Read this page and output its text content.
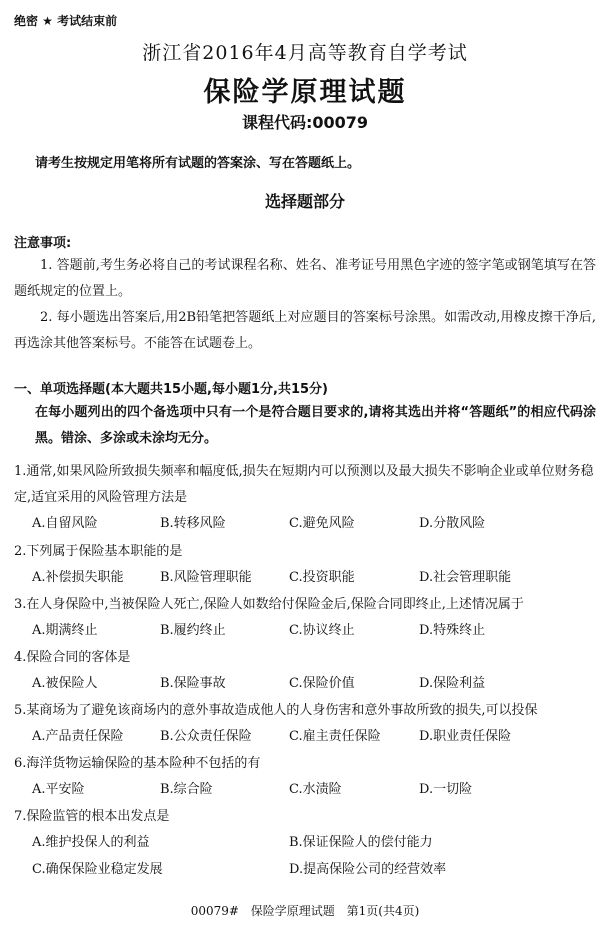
绝密 ★ 考试结束前
浙江省2016年4月高等教育自学考试
保险学原理试题
课程代码:00079
请考生按规定用笔将所有试题的答案涂、写在答题纸上。
选择题部分
注意事项:
1. 答题前,考生务必将自己的考试课程名称、姓名、准考证号用黑色字迹的签字笔或钢笔填写在答题纸规定的位置上。
2. 每小题选出答案后,用2B铅笔把答题纸上对应题目的答案标号涂黑。如需改动,用橡皮擦干净后,再选涂其他答案标号。不能答在试题卷上。
一、单项选择题(本大题共15小题,每小题1分,共15分)
在每小题列出的四个备选项中只有一个是符合题目要求的,请将其选出并将“答题纸”的相应代码涂黑。错涂、多涂或未涂均无分。
1.通常,如果风险所致损失频率和幅度低,损失在短期内可以预测以及最大损失不影响企业或单位财务稳定,适宜采用的风险管理方法是
A.自留风险	B.转移风险	C.避免风险	D.分散风险
2.下列属于保险基本职能的是
A.补偿损失职能	B.风险管理职能	C.投资职能	D.社会管理职能
3.在人身保险中,当被保险人死亡,保险人如数给付保险金后,保险合同即终止,上述情况属于
A.期满终止	B.履约终止	C.协议终止	D.特殊终止
4.保险合同的客体是
A.被保险人	B.保险事故	C.保险价值	D.保险利益
5.某商场为了避免该商场内的意外事故造成他人的人身伤害和意外事故所致的损失,可以投保
A.产品责任保险	B.公众责任保险	C.雇主责任保险	D.职业责任保险
6.海洋货物运输保险的基本险种不包括的有
A.平安险	B.综合险	C.水渍险	D.一切险
7.保险监管的根本出发点是
A.维护投保人的利益	B.保证保险人的偿付能力
C.确保保险业稳定发展	D.提高保险公司的经营效率
00079# 保险学原理试题 第1页(共4页)
